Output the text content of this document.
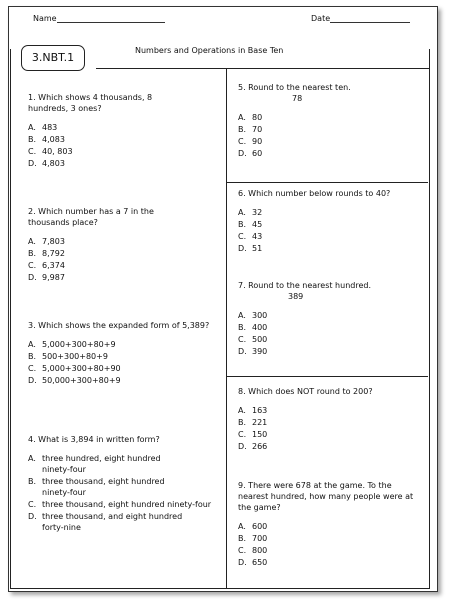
Name	Date
3.NBT.1
Numbers and Operations in Base Ten

1. Which shows 4 thousands, 8 hundreds, 3 ones?

A. 483
B. 4,083
C. 40, 803
D. 4,803

2. Which number has a 7 in the thousands place?

A. 7,803
B. 8,792
C. 6,374
D. 9,987

3. Which shows the expanded form of 5,389?

A. 5,000+300+80+9
B. 500+300+80+9
C. 5,000+300+80+90
D. 50,000+300+80+9

4. What is 3,894 in written form?

A. three hundred, eight hundred ninety-four
B. three thousand, eight hundred ninety-four
C. three thousand, eight hundred ninety-four
D. three thousand, and eight hundred forty-nine

5. Round to the nearest ten.

78

A. 80
B. 70
C. 90
D. 60

6. Which number below rounds to 40?

A. 32
B. 45
C. 43
D. 51

7. Round to the nearest hundred.

389

A. 300
B. 400
C. 500
D. 390

8. Which does NOT round to 200?

A. 163
B. 221
C. 150
D. 266

9. There were 678 at the game. To the nearest hundred, how many people were at the game?

A. 600
B. 700
C. 800
D. 650
